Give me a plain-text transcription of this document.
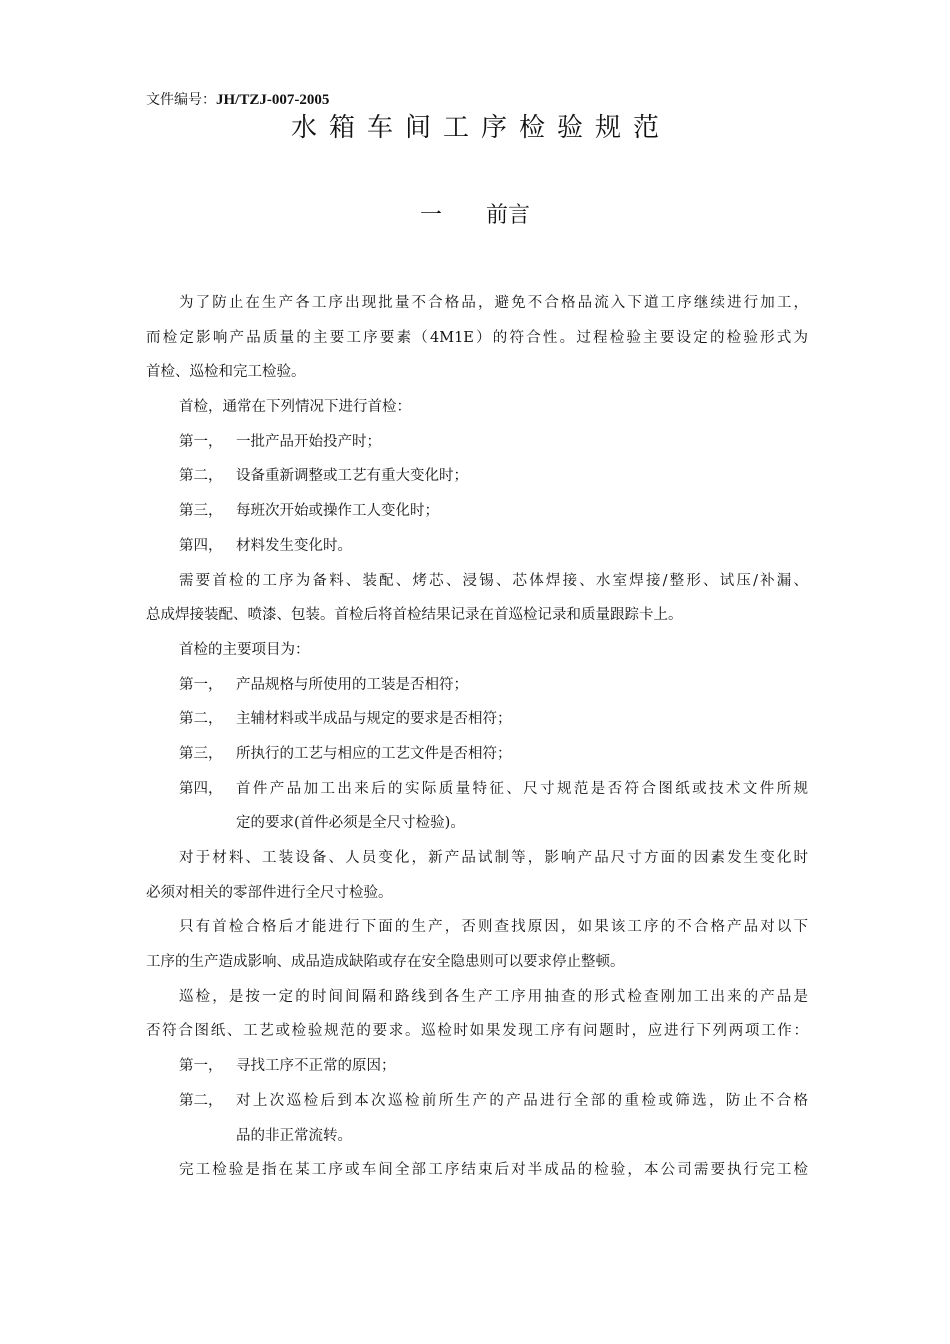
文件编号：JH/TZJ-007-2005
水箱车间工序检验规范
一 前言
为了防止在生产各工序出现批量不合格品，避免不合格品流入下道工序继续进行加工，
而检定影响产品质量的主要工序要素（4M1E）的符合性。过程检验主要设定的检验形式为
首检、巡检和完工检验。
首检，通常在下列情况下进行首检：
第一， 一批产品开始投产时；
第二， 设备重新调整或工艺有重大变化时；
第三， 每班次开始或操作工人变化时；
第四， 材料发生变化时。
需要首检的工序为备料、装配、烤芯、浸锡、芯体焊接、水室焊接/整形、试压/补漏、
总成焊接装配、喷漆、包装。首检后将首检结果记录在首巡检记录和质量跟踪卡上。
首检的主要项目为：
第一， 产品规格与所使用的工装是否相符；
第二， 主辅材料或半成品与规定的要求是否相符；
第三， 所执行的工艺与相应的工艺文件是否相符；
第四， 首件产品加工出来后的实际质量特征、尺寸规范是否符合图纸或技术文件所规
定的要求(首件必须是全尺寸检验)。
对于材料、工装设备、人员变化，新产品试制等，影响产品尺寸方面的因素发生变化时
必须对相关的零部件进行全尺寸检验。
只有首检合格后才能进行下面的生产，否则查找原因，如果该工序的不合格产品对以下
工序的生产造成影响、成品造成缺陷或存在安全隐患则可以要求停止整顿。
巡检，是按一定的时间间隔和路线到各生产工序用抽查的形式检查刚加工出来的产品是
否符合图纸、工艺或检验规范的要求。巡检时如果发现工序有问题时，应进行下列两项工作：
第一， 寻找工序不正常的原因；
第二， 对上次巡检后到本次巡检前所生产的产品进行全部的重检或筛选，防止不合格
品的非正常流转。
完工检验是指在某工序或车间全部工序结束后对半成品的检验，本公司需要执行完工检
